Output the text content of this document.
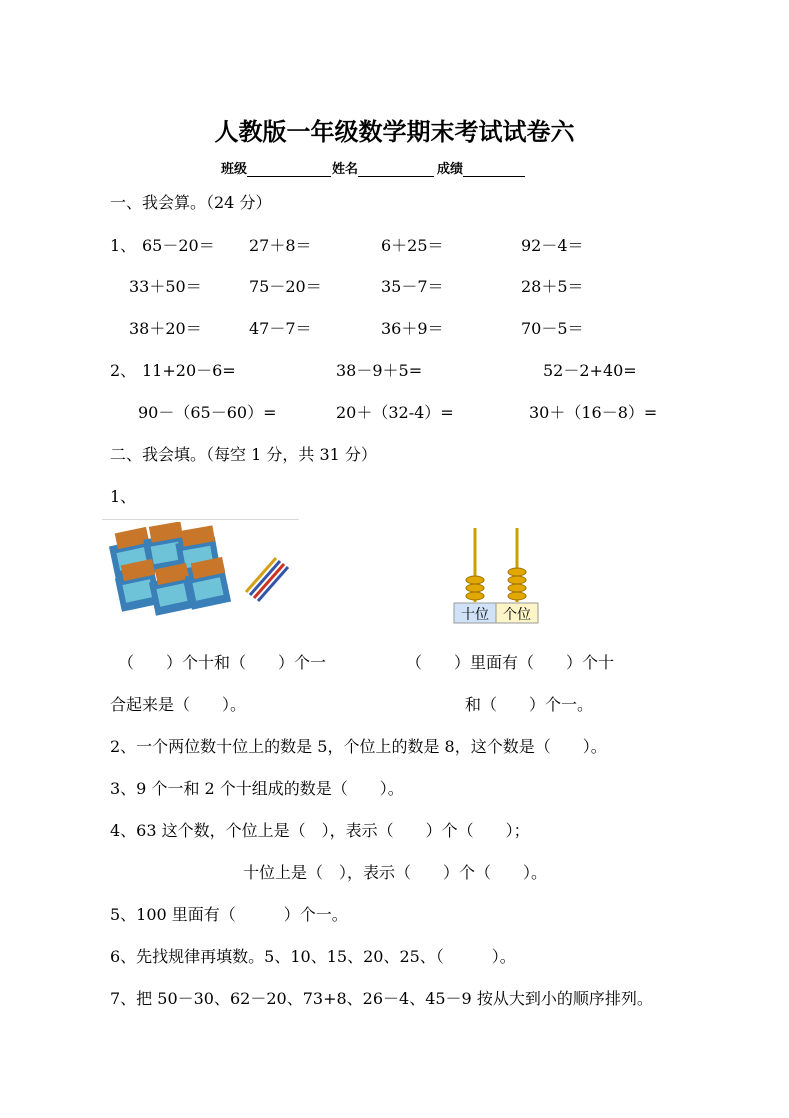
人教版一年级数学期末考试试卷六
班级	姓名	成绩
一、我会算。（24 分）
1、 65－20＝ 27＋8＝	6＋25＝	92－4＝
33＋50＝	75－20＝	35－7＝	28＋5＝
38＋20＝	47－7＝	36＋9＝	70－5＝
2、 11+20－6=	38－9＋5=	52－2+40=
90－（65－60）=	20＋（32-4）=	30＋（16－8）=
二、我会填。（每空 1 分，共 31 分）
1、
十位 个位
（　　）个十和（　　）个一
合起来是（　　）。
（　　）里面有（　　）个十
和（　　）个一。
2、一个两位数十位上的数是 5，个位上的数是 8，这个数是（　　）。
3、9 个一和 2 个十组成的数是（　　）。
4、63 这个数，个位上是（　），表示（　　）个（　　）；
十位上是（　），表示（　　）个（　　）。
5、100 里面有（　　　）个一。
6、先找规律再填数。5、10、15、20、25、（　　　）。
7、把 50－30、62－20、73+8、26－4、45－9 按从大到小的顺序排列。
